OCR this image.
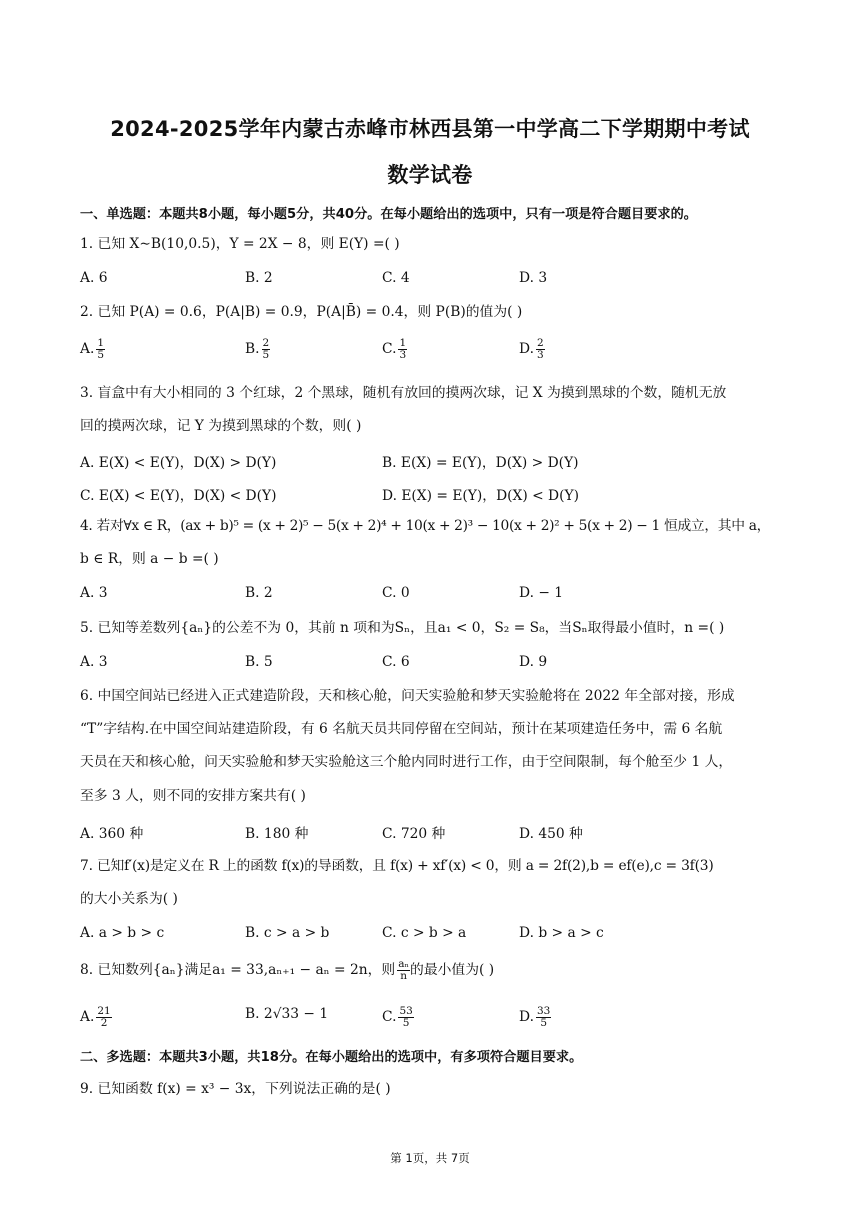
2024-2025学年内蒙古赤峰市林西县第一中学高二下学期期中考试
数学试卷
一、单选题：本题共8小题，每小题5分，共40分。在每小题给出的选项中，只有一项是符合题目要求的。
1. 已知 X∼B(10,0.5)，Y = 2X − 8，则 E(Y) =( )
A. 6	B. 2	C. 4	D. 3
2. 已知 P(A) = 0.6，P(A|B) = 0.9，P(A|B̄) = 0.4，则 P(B)的值为( )
A. $\frac{1}{5}$	B. $\frac{2}{5}$	C. $\frac{1}{3}$	D. $\frac{2}{3}$
3. 盲盒中有大小相同的 3 个红球，2 个黑球，随机有放回的摸两次球，记 X 为摸到黑球的个数，随机无放
回的摸两次球，记 Y 为摸到黑球的个数，则( )
A. E(X) < E(Y)，D(X) > D(Y)	B. E(X) = E(Y)，D(X) > D(Y)
C. E(X) < E(Y)，D(X) < D(Y)	D. E(X) = E(Y)，D(X) < D(Y)
4. 若对∀x ∈ R，(ax + b)⁵ = (x + 2)⁵ − 5(x + 2)⁴ + 10(x + 2)³ − 10(x + 2)² + 5(x + 2) − 1 恒成立，其中 a，
b ∈ R，则 a − b =( )
A. 3	B. 2	C. 0	D. − 1
5. 已知等差数列{aₙ}的公差不为 0，其前 n 项和为Sₙ，且a₁ < 0，S₂ = S₈，当Sₙ取得最小值时，n =( )
A. 3	B. 5	C. 6	D. 9
6. 中国空间站已经进入正式建造阶段，天和核心舱，问天实验舱和梦天实验舱将在 2022 年全部对接，形成
“T”字结构.在中国空间站建造阶段，有 6 名航天员共同停留在空间站，预计在某项建造任务中，需 6 名航
天员在天和核心舱，问天实验舱和梦天实验舱这三个舱内同时进行工作，由于空间限制，每个舱至少 1 人，
至多 3 人，则不同的安排方案共有( )
A. 360 种	B. 180 种	C. 720 种	D. 450 种
7. 已知f′(x)是定义在 R 上的函数 f(x)的导函数，且 f(x) + xf′(x) < 0，则 a = 2f(2),b = ef(e),c = 3f(3)
的大小关系为( )
A. a > b > c	B. c > a > b	C. c > b > a	D. b > a > c
8. 已知数列{aₙ}满足a₁ = 33,aₙ₊₁ − aₙ = 2n，则 $\frac{\text{aₙ}}{n}$ 的最小值为( )
A. $\frac{21}{2}$	B. 2√33 − 1	C. $\frac{53}{5}$	D. $\frac{33}{5}$
二、多选题：本题共3小题，共18分。在每小题给出的选项中，有多项符合题目要求。
9. 已知函数 f(x) = x³ − 3x，下列说法正确的是( )
第 1页，共 7页
